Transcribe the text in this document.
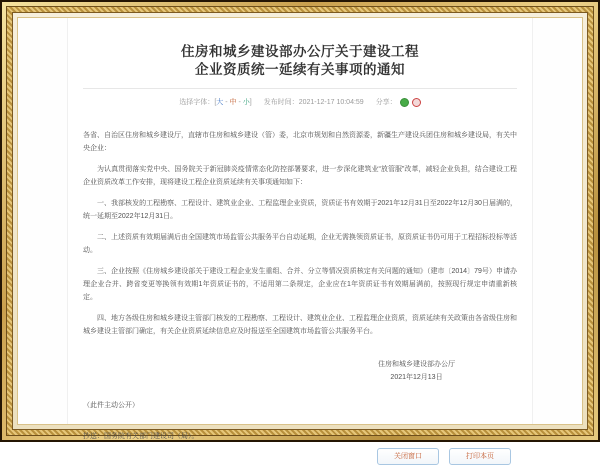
住房和城乡建设部办公厅关于建设工程
企业资质统一延续有关事项的通知
选择字体： [ 大 - 中 - 小 ] 发布时间： 2021-12-17 10:04:59 分享：

各省、自治区住房和城乡建设厅，直辖市住房和城乡建设（管）委，北京市规划和自然资源委，新疆生产建设兵团住房和城乡建设局，有关中央企业：

为认真贯彻落实党中央、国务院关于新冠肺炎疫情常态化防控部署要求，进一步深化建筑业“放管服”改革，减轻企业负担，结合建设工程企业资质改革工作安排，现将建设工程企业资质延续有关事项通知如下：

一、我部核发的工程勘察、工程设计、建筑业企业、工程监理企业资质，资质证书有效期于2021年12月31日至2022年12月30日届满的，统一延期至2022年12月31日。

二、上述资质有效期届满后由全国建筑市场监管公共服务平台自动延期，企业无需换领资质证书，原资质证书仍可用于工程招标投标等活动。

三、企业按照《住房城乡建设部关于建设工程企业发生重组、合并、分立等情况资质核定有关问题的通知》（建市〔2014〕79号）申请办理企业合并、跨省变更等换领有效期1年资质证书的，不适用第二条规定，企业应在1年资质证书有效期届满前，按照现行规定申请重新核定。

四、地方各级住房和城乡建设主管部门核发的工程勘察、工程设计、建筑业企业、工程监理企业资质，资质延续有关政策由各省级住房和城乡建设主管部门确定，有关企业资质延续信息应及时报送至全国建筑市场监管公共服务平台。

住房和城乡建设部办公厅
2021年12月13日
（此件主动公开）
抄送：国务院有关部门建设司（局）。
关闭窗口	打印本页
